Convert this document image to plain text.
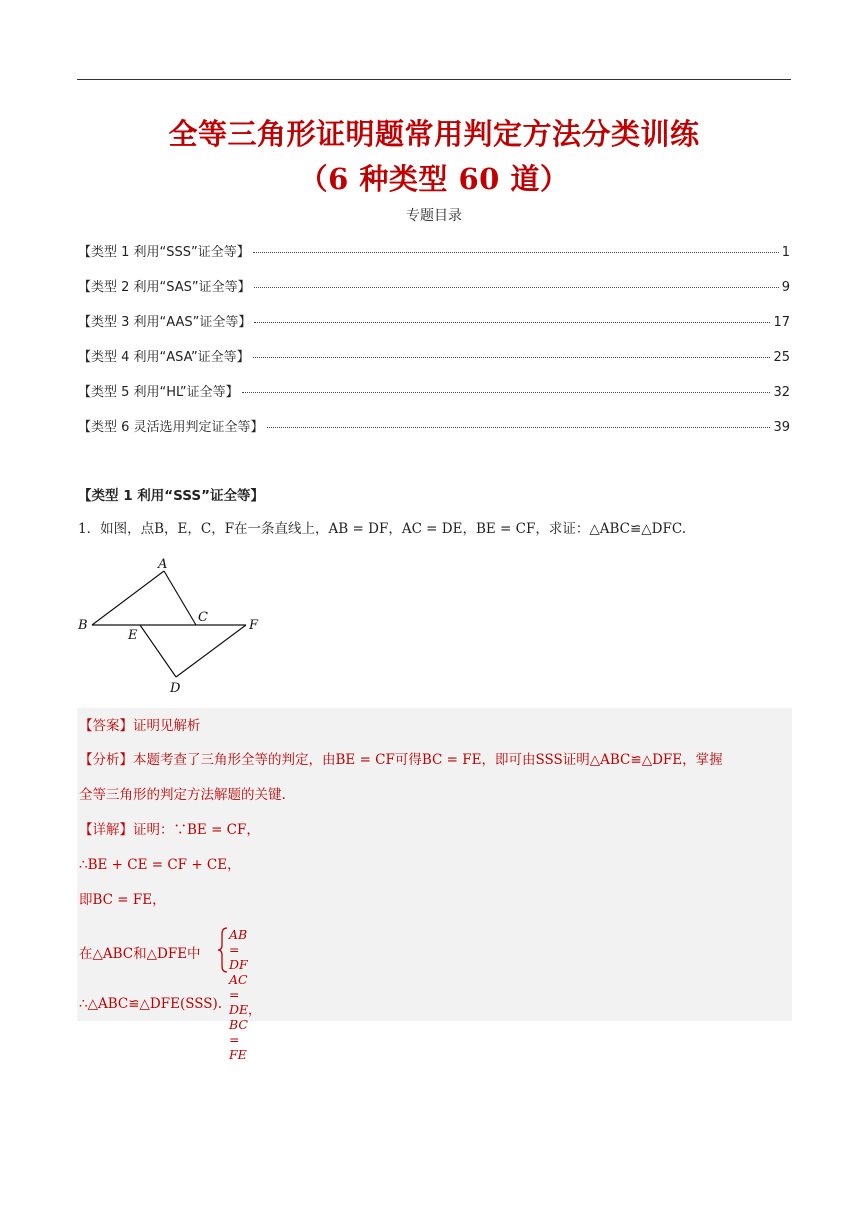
全等三角形证明题常用判定方法分类训练
（6 种类型 60 道）
专题目录
【类型 1 利用“SSS”证全等】	1
【类型 2 利用“SAS”证全等】	9
【类型 3 利用“AAS”证全等】	17
【类型 4 利用“ASA”证全等】	25
【类型 5 利用“HL”证全等】	32
【类型 6 灵活选用判定证全等】	39
【类型 1 利用“SSS”证全等】
1．如图，点B，E，C，F在一条直线上，AB = DF，AC = DE，BE = CF，求证：△ABC≌△DFC.
A
B
C
E
F
D
【答案】证明见解析
【分析】本题考查了三角形全等的判定，由BE = CF可得BC = FE，即可由SSS证明△ABC≌△DFE，掌握
全等三角形的判定方法解题的关键.
【详解】证明：∵BE = CF，
∴BE + CE = CF + CE，
即BC = FE，
在△ABC和△DFE中
AB = DF
AC = DE，
BC = FE
∴△ABC≌△DFE(SSS).
